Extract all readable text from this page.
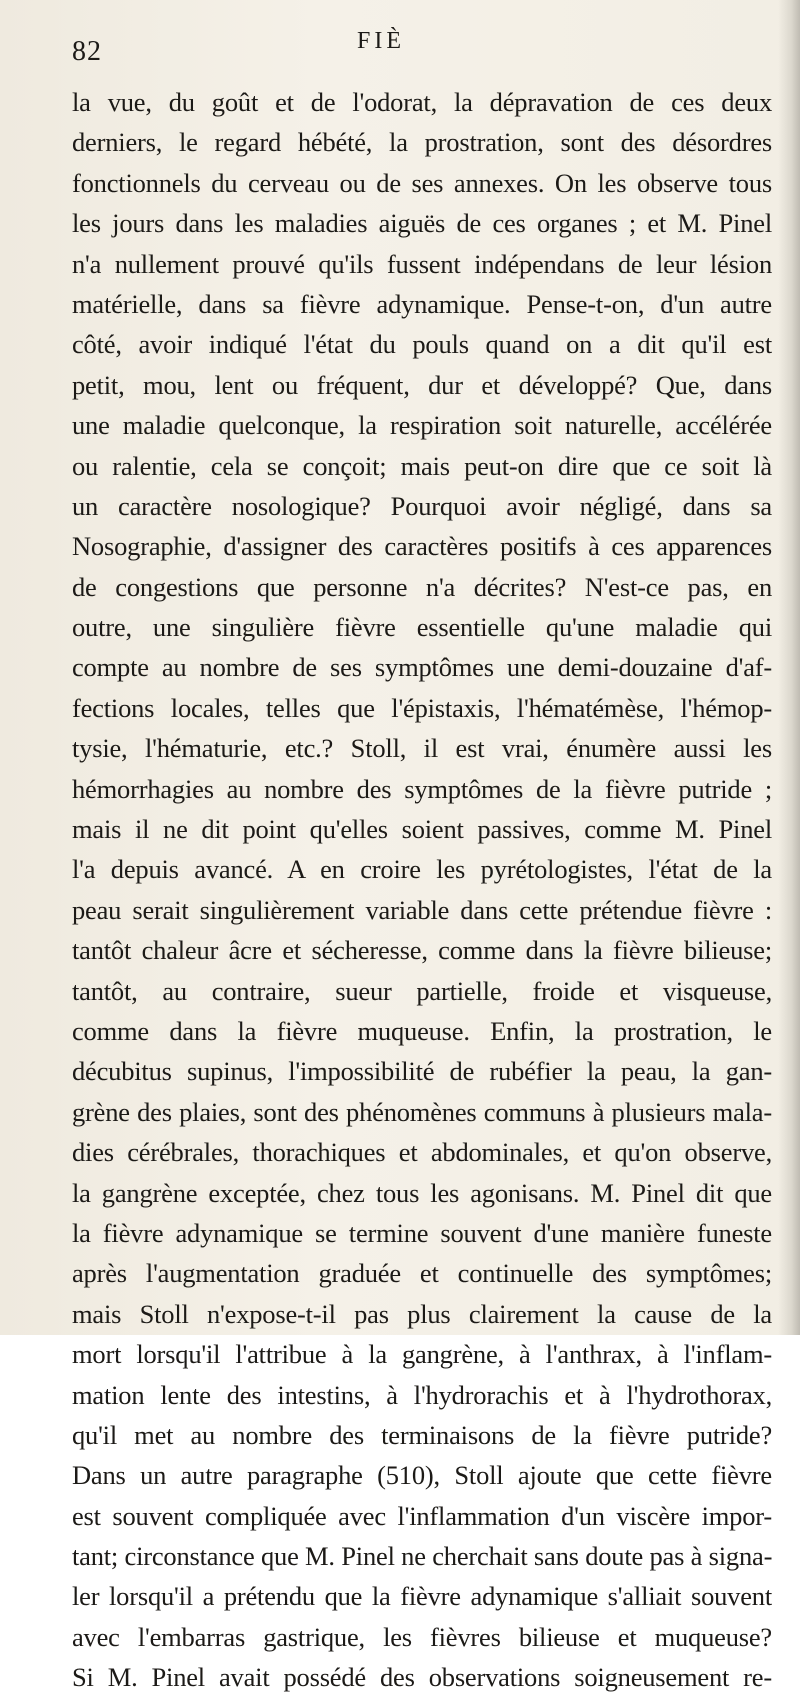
82	FIÈ
la vue, du goût et de l'odorat, la dépravation de ces deux
derniers, le regard hébété, la prostration, sont des désordres
fonctionnels du cerveau ou de ses annexes. On les observe tous
les jours dans les maladies aiguës de ces organes ; et M. Pinel
n'a nullement prouvé qu'ils fussent indépendans de leur lésion
matérielle, dans sa fièvre adynamique. Pense-t-on, d'un autre
côté, avoir indiqué l'état du pouls quand on a dit qu'il est
petit, mou, lent ou fréquent, dur et développé? Que, dans
une maladie quelconque, la respiration soit naturelle, accélérée
ou ralentie, cela se conçoit; mais peut-on dire que ce soit là
un caractère nosologique? Pourquoi avoir négligé, dans sa
Nosographie, d'assigner des caractères positifs à ces apparences
de congestions que personne n'a décrites? N'est-ce pas, en
outre, une singulière fièvre essentielle qu'une maladie qui
compte au nombre de ses symptômes une demi-douzaine d'af-
fections locales, telles que l'épistaxis, l'hématémèse, l'hémop-
tysie, l'hématurie, etc.? Stoll, il est vrai, énumère aussi les
hémorrhagies au nombre des symptômes de la fièvre putride ;
mais il ne dit point qu'elles soient passives, comme M. Pinel
l'a depuis avancé. A en croire les pyrétologistes, l'état de la
peau serait singulièrement variable dans cette prétendue fièvre :
tantôt chaleur âcre et sécheresse, comme dans la fièvre bilieuse;
tantôt, au contraire, sueur partielle, froide et visqueuse,
comme dans la fièvre muqueuse. Enfin, la prostration, le
décubitus supinus, l'impossibilité de rubéfier la peau, la gan-
grène des plaies, sont des phénomènes communs à plusieurs mala-
dies cérébrales, thorachiques et abdominales, et qu'on observe,
la gangrène exceptée, chez tous les agonisans. M. Pinel dit que
la fièvre adynamique se termine souvent d'une manière funeste
après l'augmentation graduée et continuelle des symptômes;
mais Stoll n'expose-t-il pas plus clairement la cause de la
mort lorsqu'il l'attribue à la gangrène, à l'anthrax, à l'inflam-
mation lente des intestins, à l'hydrorachis et à l'hydrothorax,
qu'il met au nombre des terminaisons de la fièvre putride?
Dans un autre paragraphe (510), Stoll ajoute que cette fièvre
est souvent compliquée avec l'inflammation d'un viscère impor-
tant; circonstance que M. Pinel ne cherchait sans doute pas à signa-
ler lorsqu'il a prétendu que la fièvre adynamique s'alliait souvent
avec l'embarras gastrique, les fièvres bilieuse et muqueuse?
Si M. Pinel avait possédé des observations soigneusement re-
